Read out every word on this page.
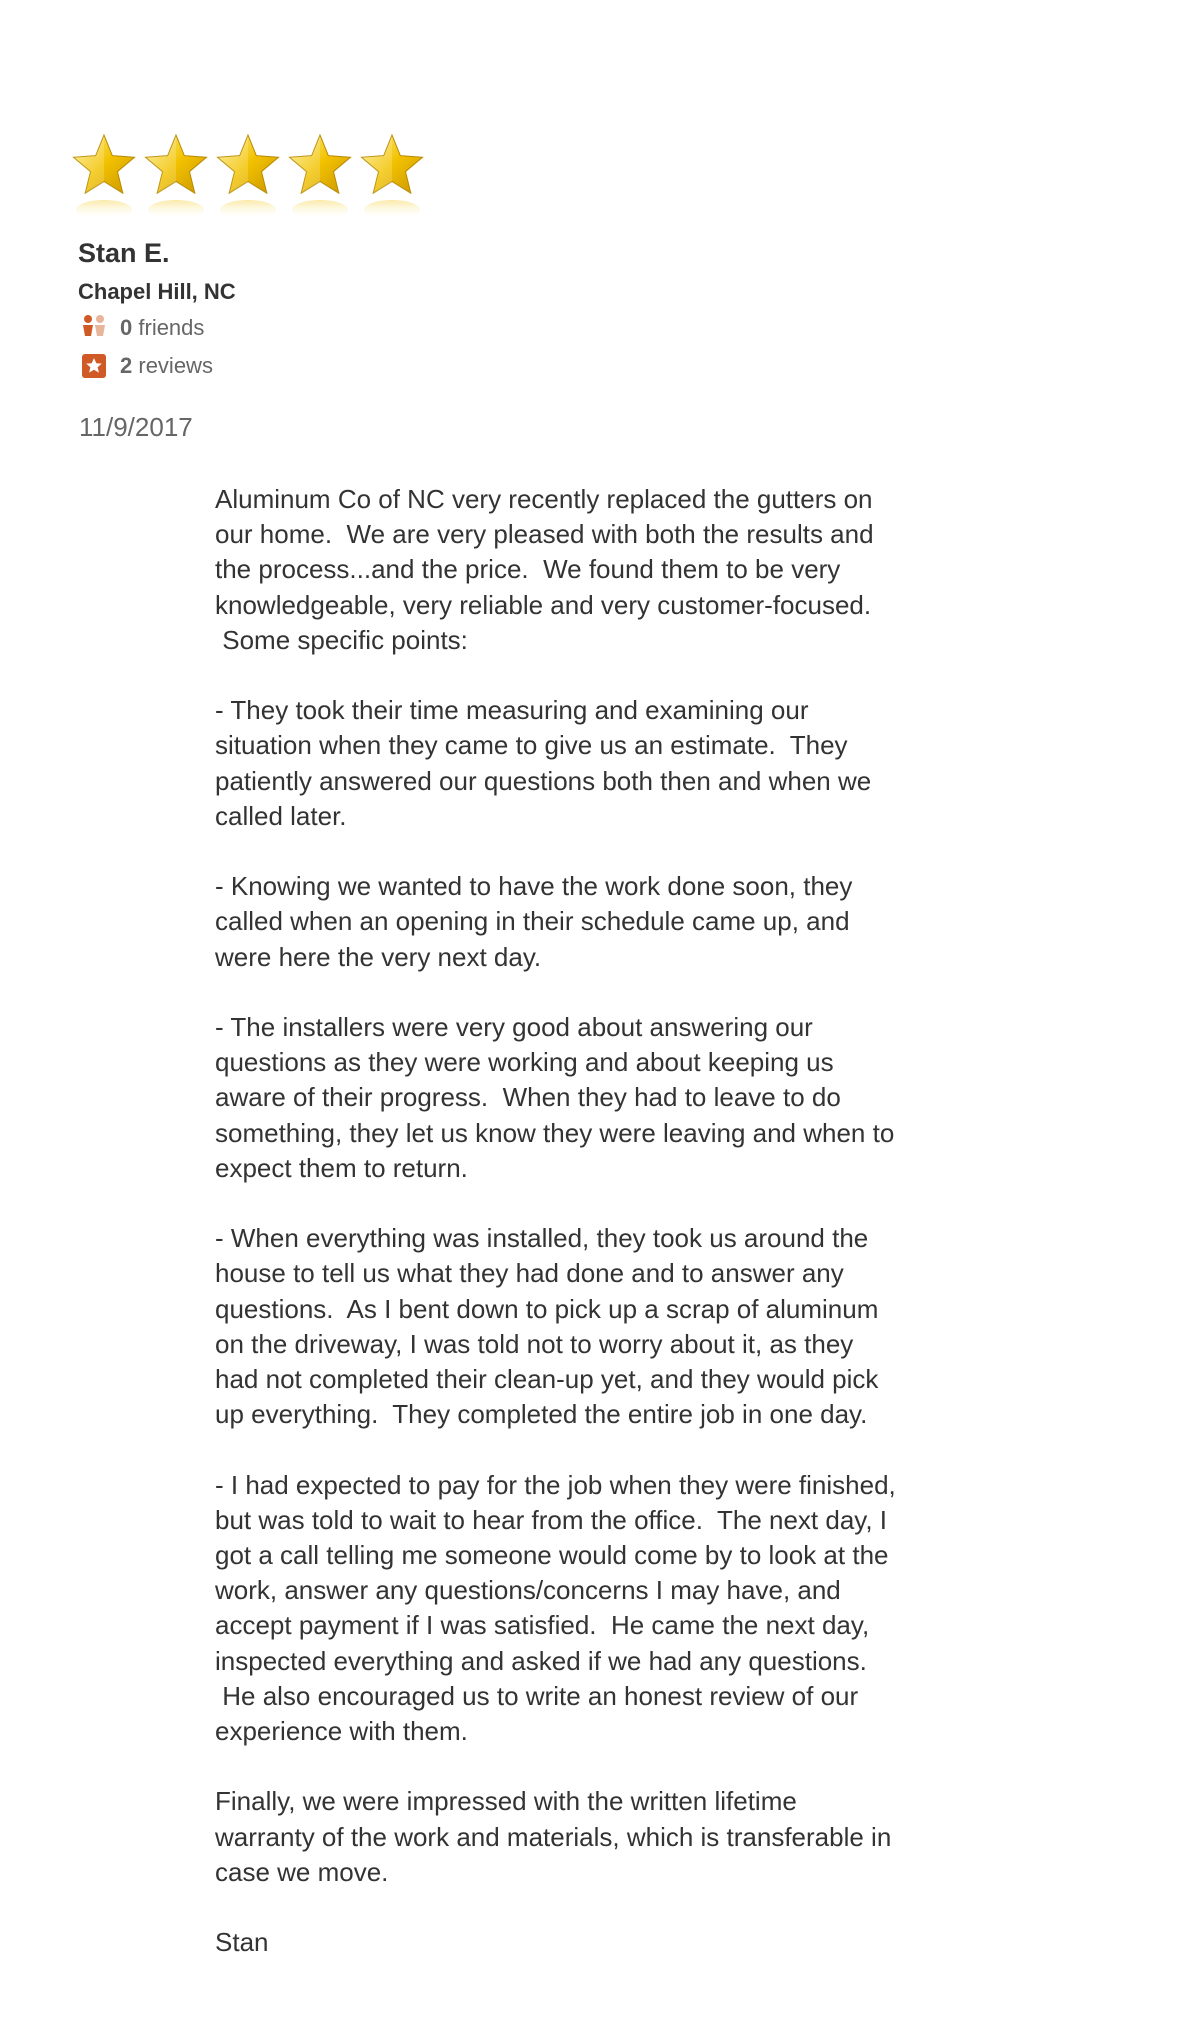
Stan E.
Chapel Hill, NC
0 friends
2 reviews
11/9/2017

Aluminum Co of NC very recently replaced the gutters on
our home.  We are very pleased with both the results and
the process...and the price.  We found them to be very
knowledgeable, very reliable and very customer-focused.
Some specific points:

- They took their time measuring and examining our
situation when they came to give us an estimate.  They
patiently answered our questions both then and when we
called later.

- Knowing we wanted to have the work done soon, they
called when an opening in their schedule came up, and
were here the very next day.

- The installers were very good about answering our
questions as they were working and about keeping us
aware of their progress.  When they had to leave to do
something, they let us know they were leaving and when to
expect them to return.

- When everything was installed, they took us around the
house to tell us what they had done and to answer any
questions.  As I bent down to pick up a scrap of aluminum
on the driveway, I was told not to worry about it, as they
had not completed their clean-up yet, and they would pick
up everything.  They completed the entire job in one day.

- I had expected to pay for the job when they were finished,
but was told to wait to hear from the office.  The next day, I
got a call telling me someone would come by to look at the
work, answer any questions/concerns I may have, and
accept payment if I was satisfied.  He came the next day,
inspected everything and asked if we had any questions.
He also encouraged us to write an honest review of our
experience with them.

Finally, we were impressed with the written lifetime
warranty of the work and materials, which is transferable in
case we move.

Stan
